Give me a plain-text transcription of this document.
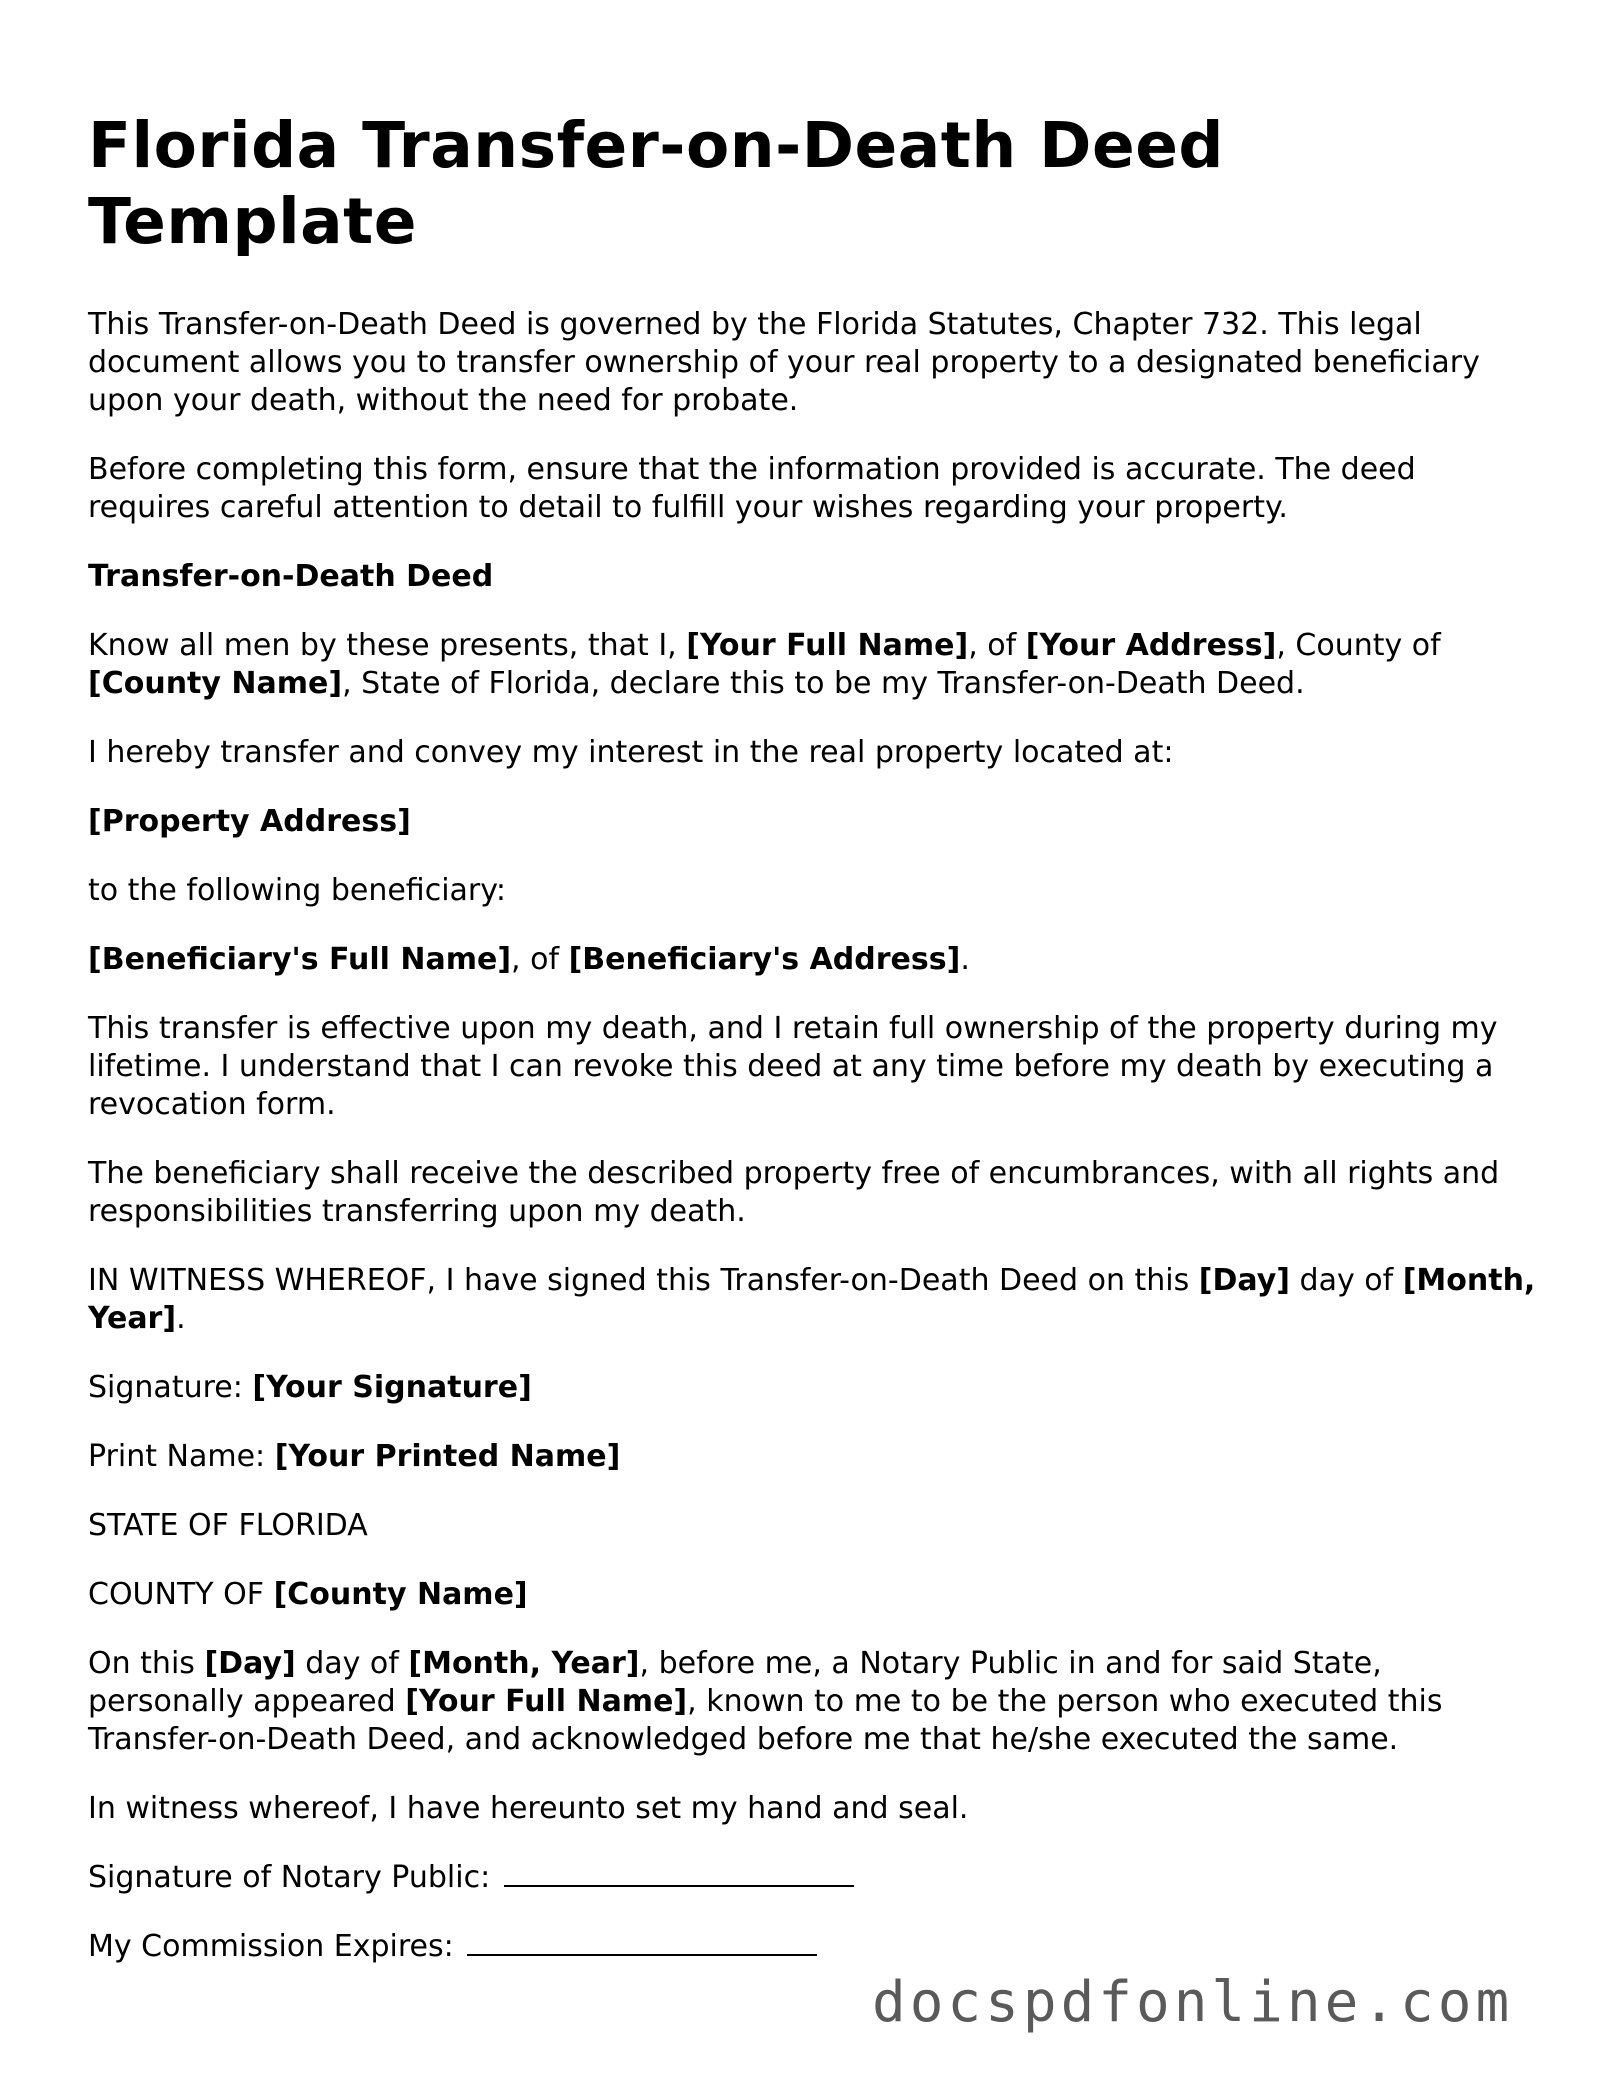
Florida Transfer-on-Death Deed Template

This Transfer-on-Death Deed is governed by the Florida Statutes, Chapter 732. This legal document allows you to transfer ownership of your real property to a designated beneficiary upon your death, without the need for probate.

Before completing this form, ensure that the information provided is accurate. The deed requires careful attention to detail to fulfill your wishes regarding your property.

Transfer-on-Death Deed

Know all men by these presents, that I, [Your Full Name], of [Your Address], County of [County Name], State of Florida, declare this to be my Transfer-on-Death Deed.

I hereby transfer and convey my interest in the real property located at:

[Property Address]

to the following beneficiary:

[Beneficiary's Full Name], of [Beneficiary's Address].

This transfer is effective upon my death, and I retain full ownership of the property during my lifetime. I understand that I can revoke this deed at any time before my death by executing a revocation form.

The beneficiary shall receive the described property free of encumbrances, with all rights and responsibilities transferring upon my death.

IN WITNESS WHEREOF, I have signed this Transfer-on-Death Deed on this [Day] day of [Month, Year].

Signature: [Your Signature]

Print Name: [Your Printed Name]

STATE OF FLORIDA

COUNTY OF [County Name]

On this [Day] day of [Month, Year], before me, a Notary Public in and for said State, personally appeared [Your Full Name], known to me to be the person who executed this Transfer-on-Death Deed, and acknowledged before me that he/she executed the same.

In witness whereof, I have hereunto set my hand and seal.

Signature of Notary Public:

My Commission Expires:

docspdfonline.com
